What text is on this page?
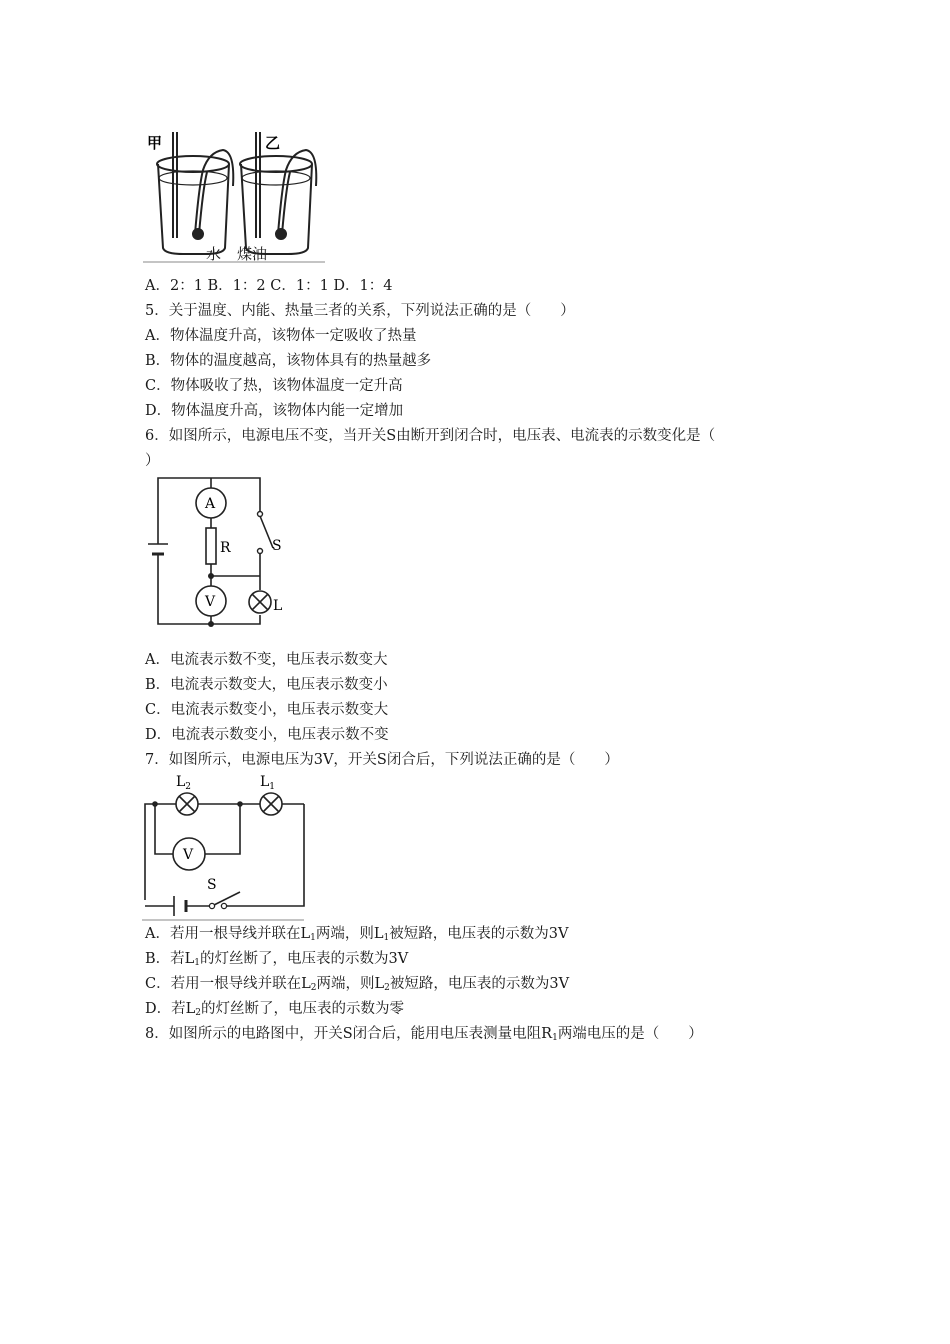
甲	乙
水 煤油
A．2：1 B．1：2 C．1：1 D．1：4
5．关于温度、内能、热量三者的关系，下列说法正确的是（　　）
A．物体温度升高，该物体一定吸收了热量
B．物体的温度越高，该物体具有的热量越多
C．物体吸收了热，该物体温度一定升高
D．物体温度升高，该物体内能一定增加
6．如图所示，电源电压不变，当开关S由断开到闭合时，电压表、电流表的示数变化是（
）
A
R	S
V	L
A．电流表示数不变，电压表示数变大
B．电流表示数变大，电压表示数变小
C．电流表示数变小，电压表示数变大
D．电流表示数变小，电压表示数不变
7．如图所示，电源电压为3V，开关S闭合后，下列说法正确的是（　　）
$L_2$	$L_1$
V
S
A．若用一根导线并联在$L_1$两端，则$L_1$被短路，电压表的示数为3V
B．若$L_1$的灯丝断了，电压表的示数为3V
C．若用一根导线并联在$L_2$两端，则$L_2$被短路，电压表的示数为3V
D．若$L_2$的灯丝断了，电压表的示数为零
8．如图所示的电路图中，开关S闭合后，能用电压表测量电阻$R_1$两端电压的是（　　）
